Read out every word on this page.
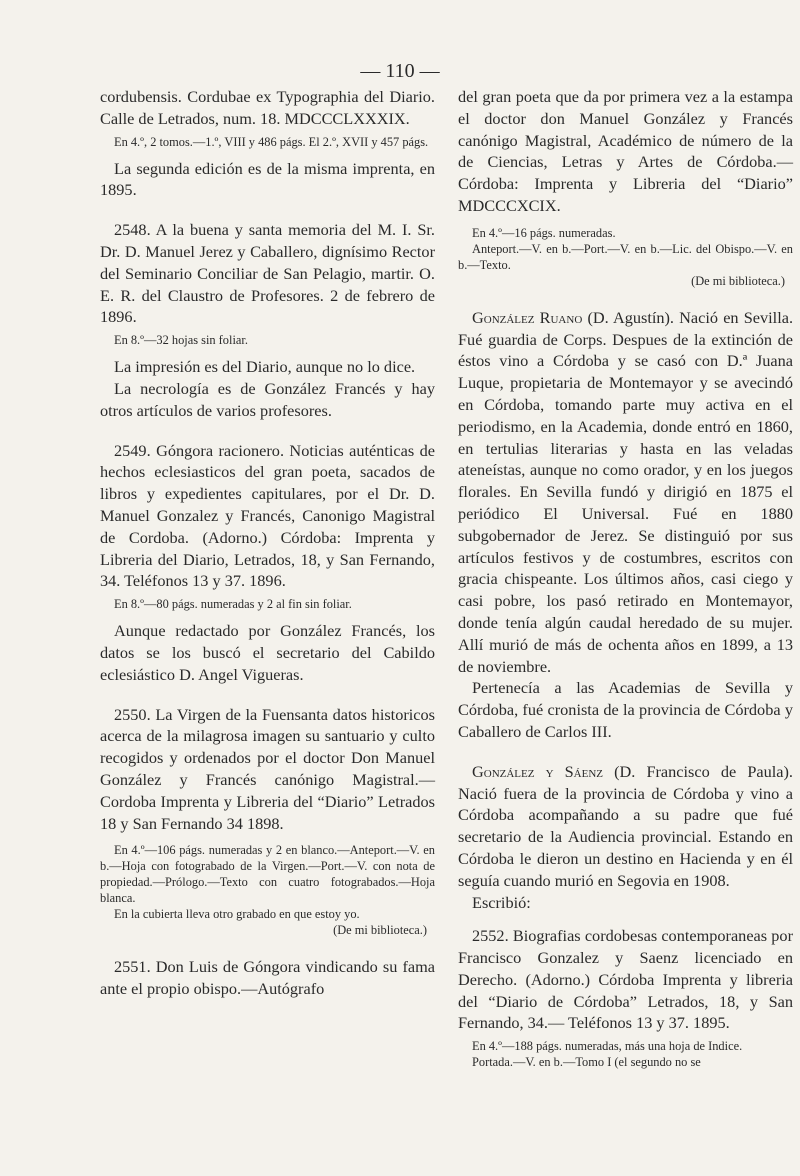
— 110 —

cordubensis. Cordubae ex Typographia del Diario. Calle de Letrados, num. 18. MDCCCLXXXIX.

En 4.º, 2 tomos.—1.º, VIII y 486 págs. El 2.º, XVII y 457 págs.

La segunda edición es de la misma imprenta, en 1895.

2548. A la buena y santa memoria del M. I. Sr. Dr. D. Manuel Jerez y Caballero, dignísimo Rector del Seminario Conciliar de San Pelagio, martir. O. E. R. del Claustro de Profesores. 2 de febrero de 1896.

En 8.º—32 hojas sin foliar.

La impresión es del Diario, aunque no lo dice.

La necrología es de González Francés y hay otros artículos de varios profesores.

2549. Góngora racionero. Noticias auténticas de hechos eclesiasticos del gran poeta, sacados de libros y expedientes capitulares, por el Dr. D. Manuel Gonzalez y Francés, Canonigo Magistral de Cordoba. (Adorno.) Córdoba: Imprenta y Libreria del Diario, Letrados, 18, y San Fernando, 34. Teléfonos 13 y 37. 1896.

En 8.º—80 págs. numeradas y 2 al fin sin foliar.

Aunque redactado por González Francés, los datos se los buscó el secretario del Cabildo eclesiástico D. Angel Vigueras.

2550. La Virgen de la Fuensanta datos historicos acerca de la milagrosa imagen su santuario y culto recogidos y ordenados por el doctor Don Manuel González y Francés canónigo Magistral.—Cordoba Imprenta y Libreria del “Diario” Letrados 18 y San Fernando 34 1898.

En 4.º—106 págs. numeradas y 2 en blanco.—Anteport.—V. en b.—Hoja con fotograbado de la Virgen.—Port.—V. con nota de propiedad.—Prólogo.—Texto con cuatro fotograbados.—Hoja blanca.

En la cubierta lleva otro grabado en que estoy yo.

(De mi biblioteca.)

2551. Don Luis de Góngora vindicando su fama ante el propio obispo.—Autógrafo

del gran poeta que da por primera vez a la estampa el doctor don Manuel González y Francés canónigo Magistral, Académico de número de la de Ciencias, Letras y Artes de Córdoba.—Córdoba: Imprenta y Libreria del “Diario” MDCCCXCIX.

En 4.º—16 págs. numeradas.

Anteport.—V. en b.—Port.—V. en b.—Lic. del Obispo.—V. en b.—Texto.

(De mi biblioteca.)

González Ruano (D. Agustín). Nació en Sevilla. Fué guardia de Corps. Despues de la extinción de éstos vino a Córdoba y se casó con D.ª Juana Luque, propietaria de Montemayor y se avecindó en Córdoba, tomando parte muy activa en el periodismo, en la Academia, donde entró en 1860, en tertulias literarias y hasta en las veladas ateneístas, aunque no como orador, y en los juegos florales. En Sevilla fundó y dirigió en 1875 el periódico El Universal. Fué en 1880 subgobernador de Jerez. Se distinguió por sus artículos festivos y de costumbres, escritos con gracia chispeante. Los últimos años, casi ciego y casi pobre, los pasó retirado en Montemayor, donde tenía algún caudal heredado de su mujer. Allí murió de más de ochenta años en 1899, a 13 de noviembre.

Pertenecía a las Academias de Sevilla y Córdoba, fué cronista de la provincia de Córdoba y Caballero de Carlos III.

González y Sáenz (D. Francisco de Paula). Nació fuera de la provincia de Córdoba y vino a Córdoba acompañando a su padre que fué secretario de la Audiencia provincial. Estando en Córdoba le dieron un destino en Hacienda y en él seguía cuando murió en Segovia en 1908.

Escribió:

2552. Biografias cordobesas contemporaneas por Francisco Gonzalez y Saenz licenciado en Derecho. (Adorno.) Córdoba Imprenta y libreria del “Diario de Córdoba” Letrados, 18, y San Fernando, 34.— Teléfonos 13 y 37. 1895.

En 4.º—188 págs. numeradas, más una hoja de Indice.

Portada.—V. en b.—Tomo I (el segundo no se
